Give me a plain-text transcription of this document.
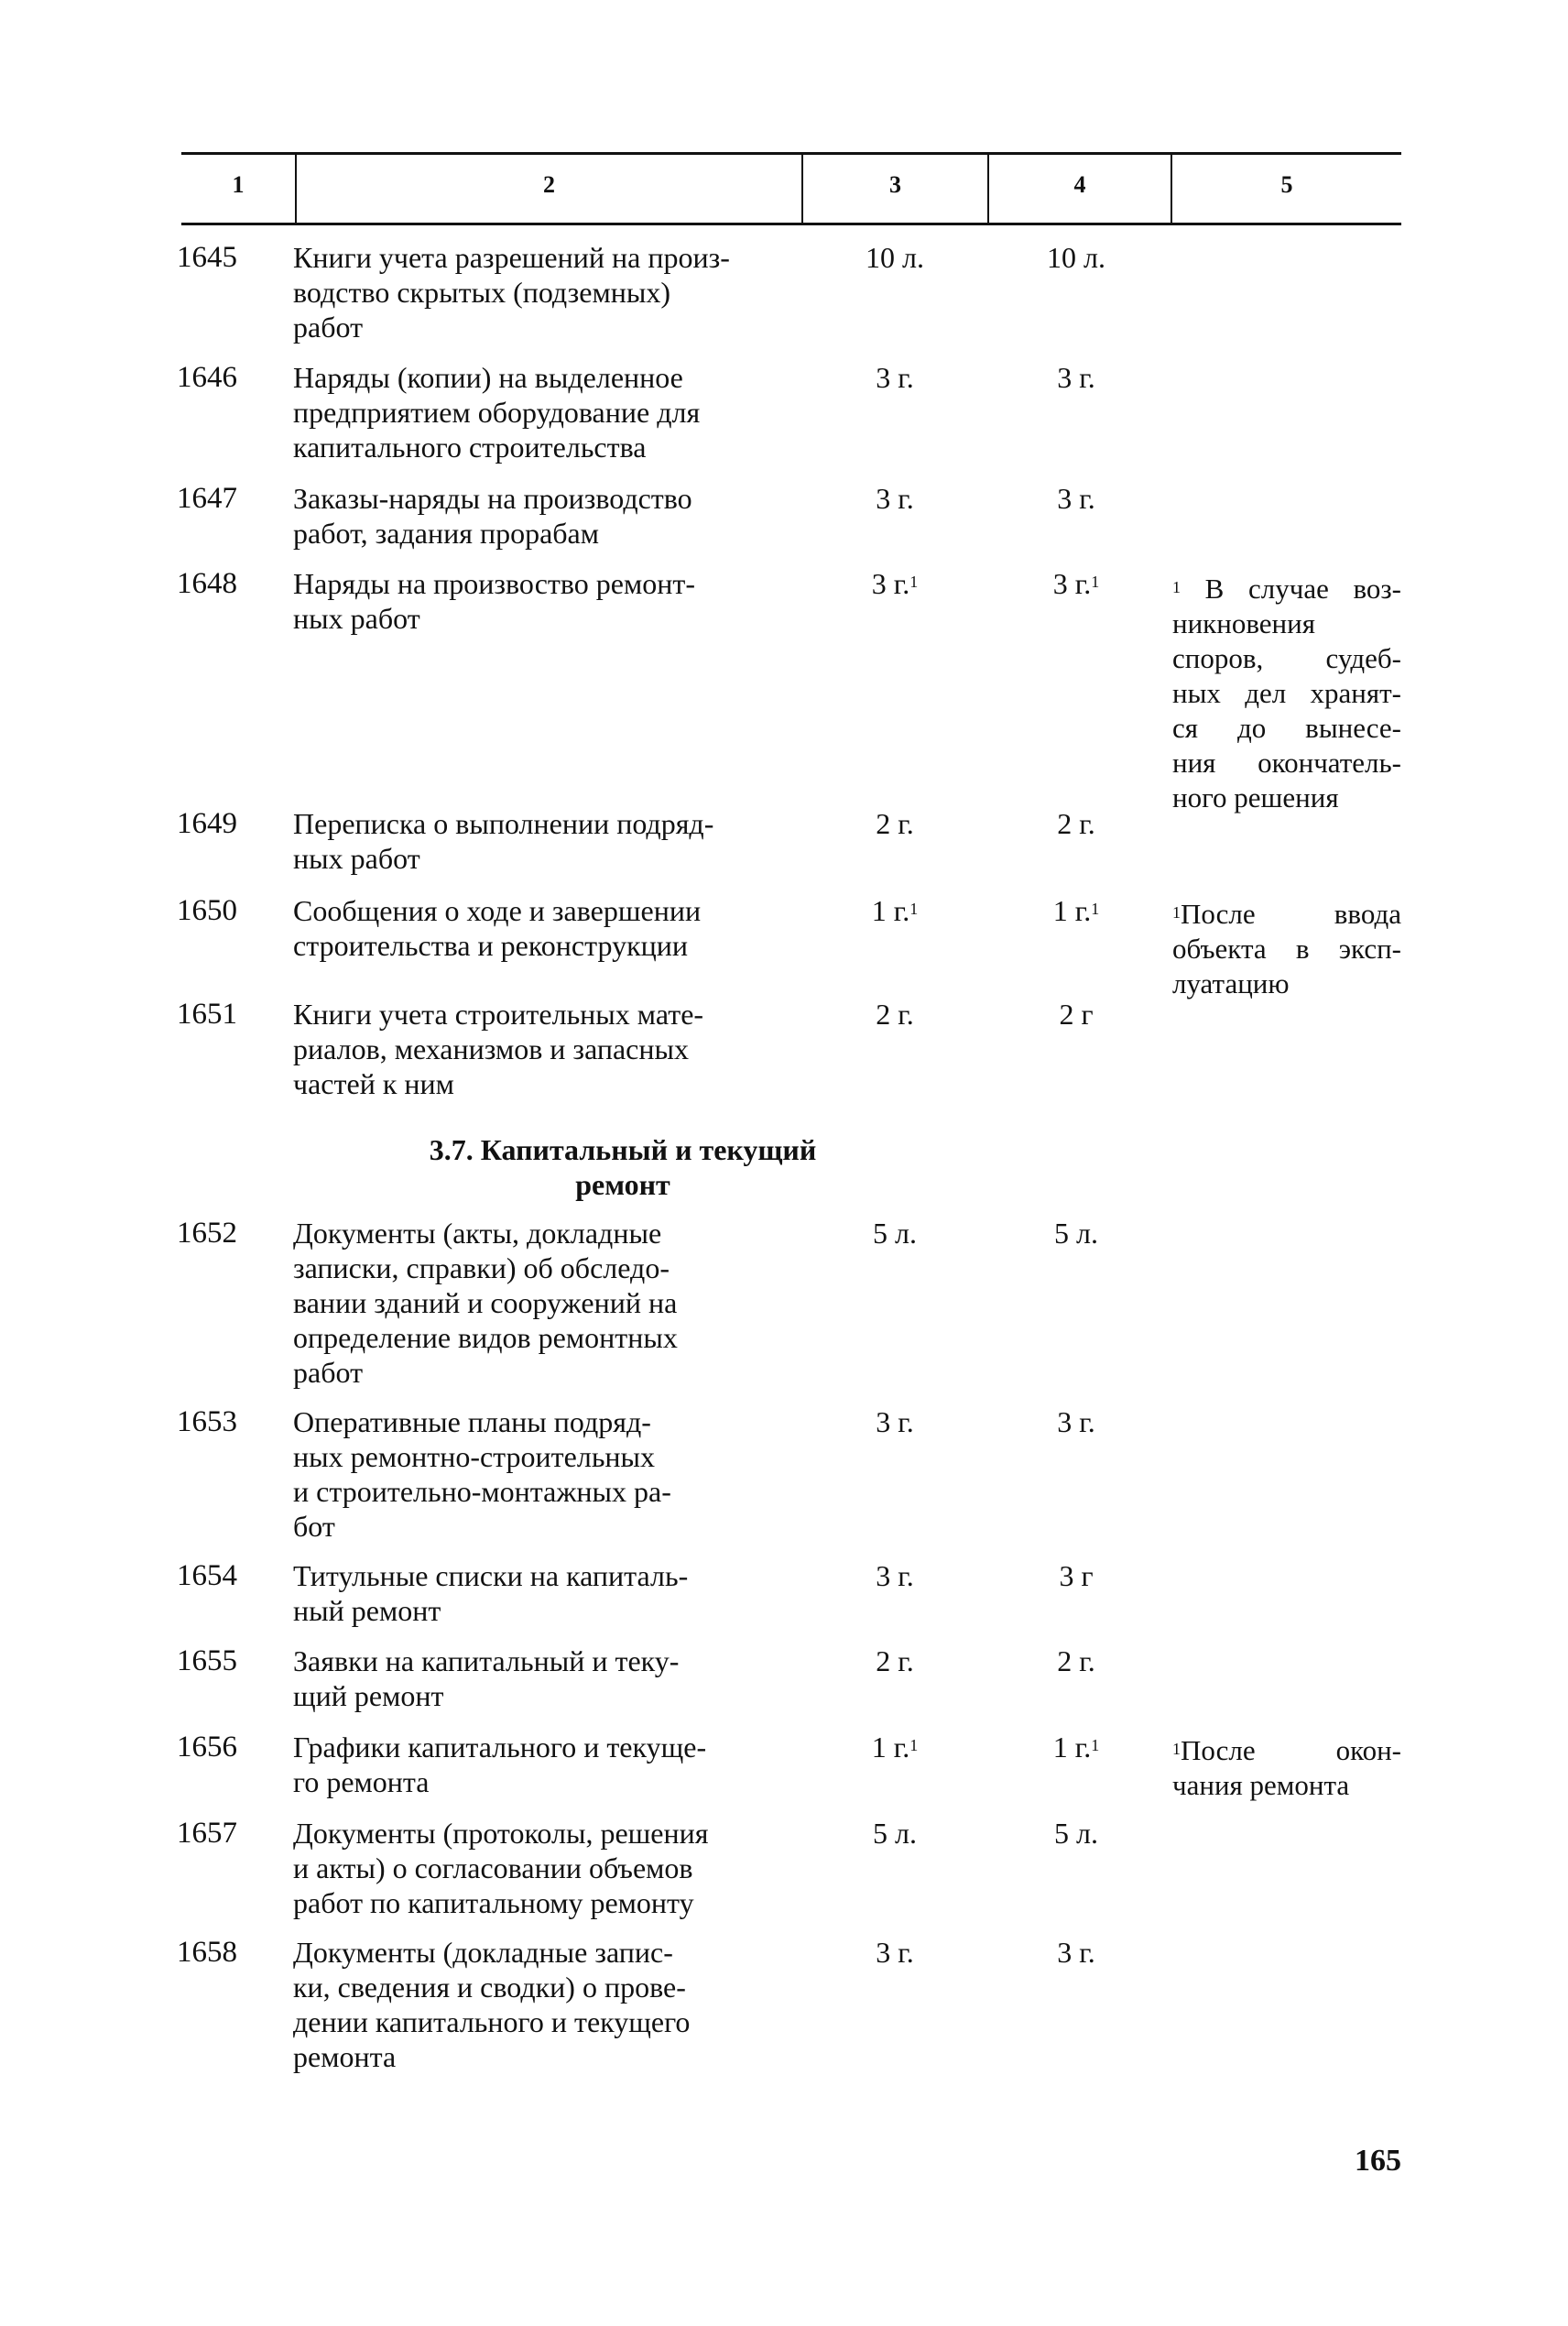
1	2	3	4	5
1645 Книги учета разрешений на произ-
водство скрытых (подземных)
работ
10 л.	10 л.
1646 Наряды (копии) на выделенное
предприятием оборудование для
капитального строительства
3 г.	3 г.
1647 Заказы-наряды на производство
работ, задания прорабам
3 г.	3 г.
1648 Наряды на произвоство ремонт-
ных работ
3 г.$^1$	3 г.$^1$	$^1$ В случае воз-
никновения
споров, судеб-
ных дел хранят-
ся до вынесе-
ния окончатель-
ного решения
1649 Переписка о выполнении подряд-
ных работ
2 г.	2 г.
1650 Сообщения о ходе и завершении
строительства и реконструкции
1 г.$^1$	1 г.$^1$	$^1$После ввода
объекта в эксп-
луатацию
1651 Книги учета строительных мате-
риалов, механизмов и запасных
частей к ним
2 г.	2 г
3.7. Капитальный и текущий
ремонт
1652 Документы (акты, докладные
записки, справки) об обследо-
вании зданий и сооружений на
определение видов ремонтных
работ
5 л.	5 л.
1653 Оперативные планы подряд-
ных ремонтно-строительных
и строительно-монтажных ра-
бот
3 г.	3 г.
1654 Титульные списки на капиталь-
ный ремонт
3 г.	3 г
1655 Заявки на капитальный и теку-
щий ремонт
2 г.	2 г.
1656 Графики капитального и текуще-
го ремонта
1 г.$^1$	1 г.$^1$	$^1$После окон-
чания ремонта
1657 Документы (протоколы, решения
и акты) о согласовании объемов
работ по капитальному ремонту
5 л.	5 л.
1658 Документы (докладные запис-
ки, сведения и сводки) о прове-
дении капитального и текущего
ремонта
3 г.	3 г.
165
